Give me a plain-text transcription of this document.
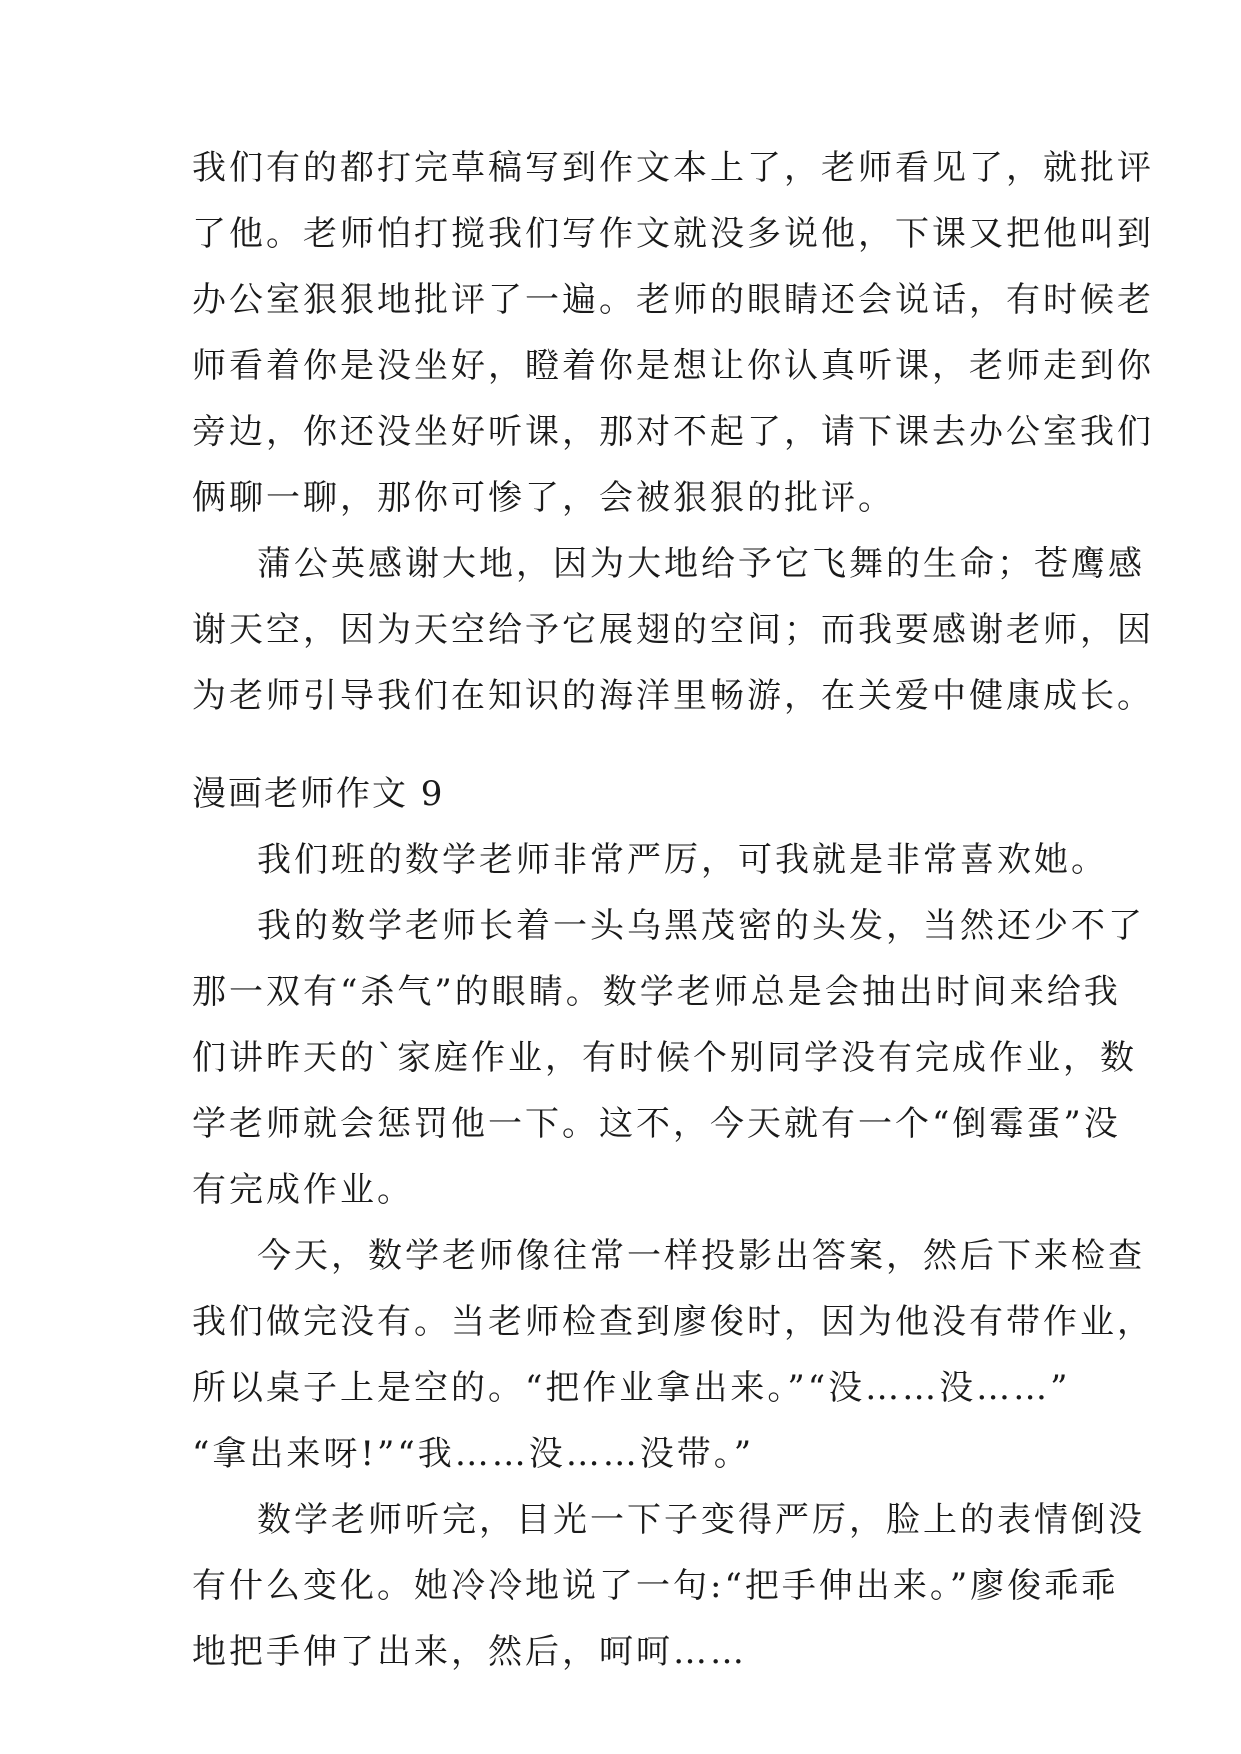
我们有的都打完草稿写到作文本上了，老师看见了，就批评
了他。老师怕打搅我们写作文就没多说他，下课又把他叫到
办公室狠狠地批评了一遍。老师的眼睛还会说话，有时候老
师看着你是没坐好，瞪着你是想让你认真听课，老师走到你
旁边，你还没坐好听课，那对不起了，请下课去办公室我们
俩聊一聊，那你可惨了，会被狠狠的批评。
蒲公英感谢大地，因为大地给予它飞舞的生命；苍鹰感
谢天空，因为天空给予它展翅的空间；而我要感谢老师，因
为老师引导我们在知识的海洋里畅游，在关爱中健康成长。
漫画老师作文 9
我们班的数学老师非常严厉，可我就是非常喜欢她。
我的数学老师长着一头乌黑茂密的头发，当然还少不了
那一双有“杀气”的眼睛。数学老师总是会抽出时间来给我
们讲昨天的`家庭作业，有时候个别同学没有完成作业，数
学老师就会惩罚他一下。这不，今天就有一个“倒霉蛋”没
有完成作业。
今天，数学老师像往常一样投影出答案，然后下来检查
我们做完没有。当老师检查到廖俊时，因为他没有带作业，
所以桌子上是空的。“把作业拿出来。”“没……没……”
“拿出来呀!”“我……没……没带。”
数学老师听完，目光一下子变得严厉，脸上的表情倒没
有什么变化。她冷冷地说了一句:“把手伸出来。”廖俊乖乖
地把手伸了出来，然后，呵呵……
